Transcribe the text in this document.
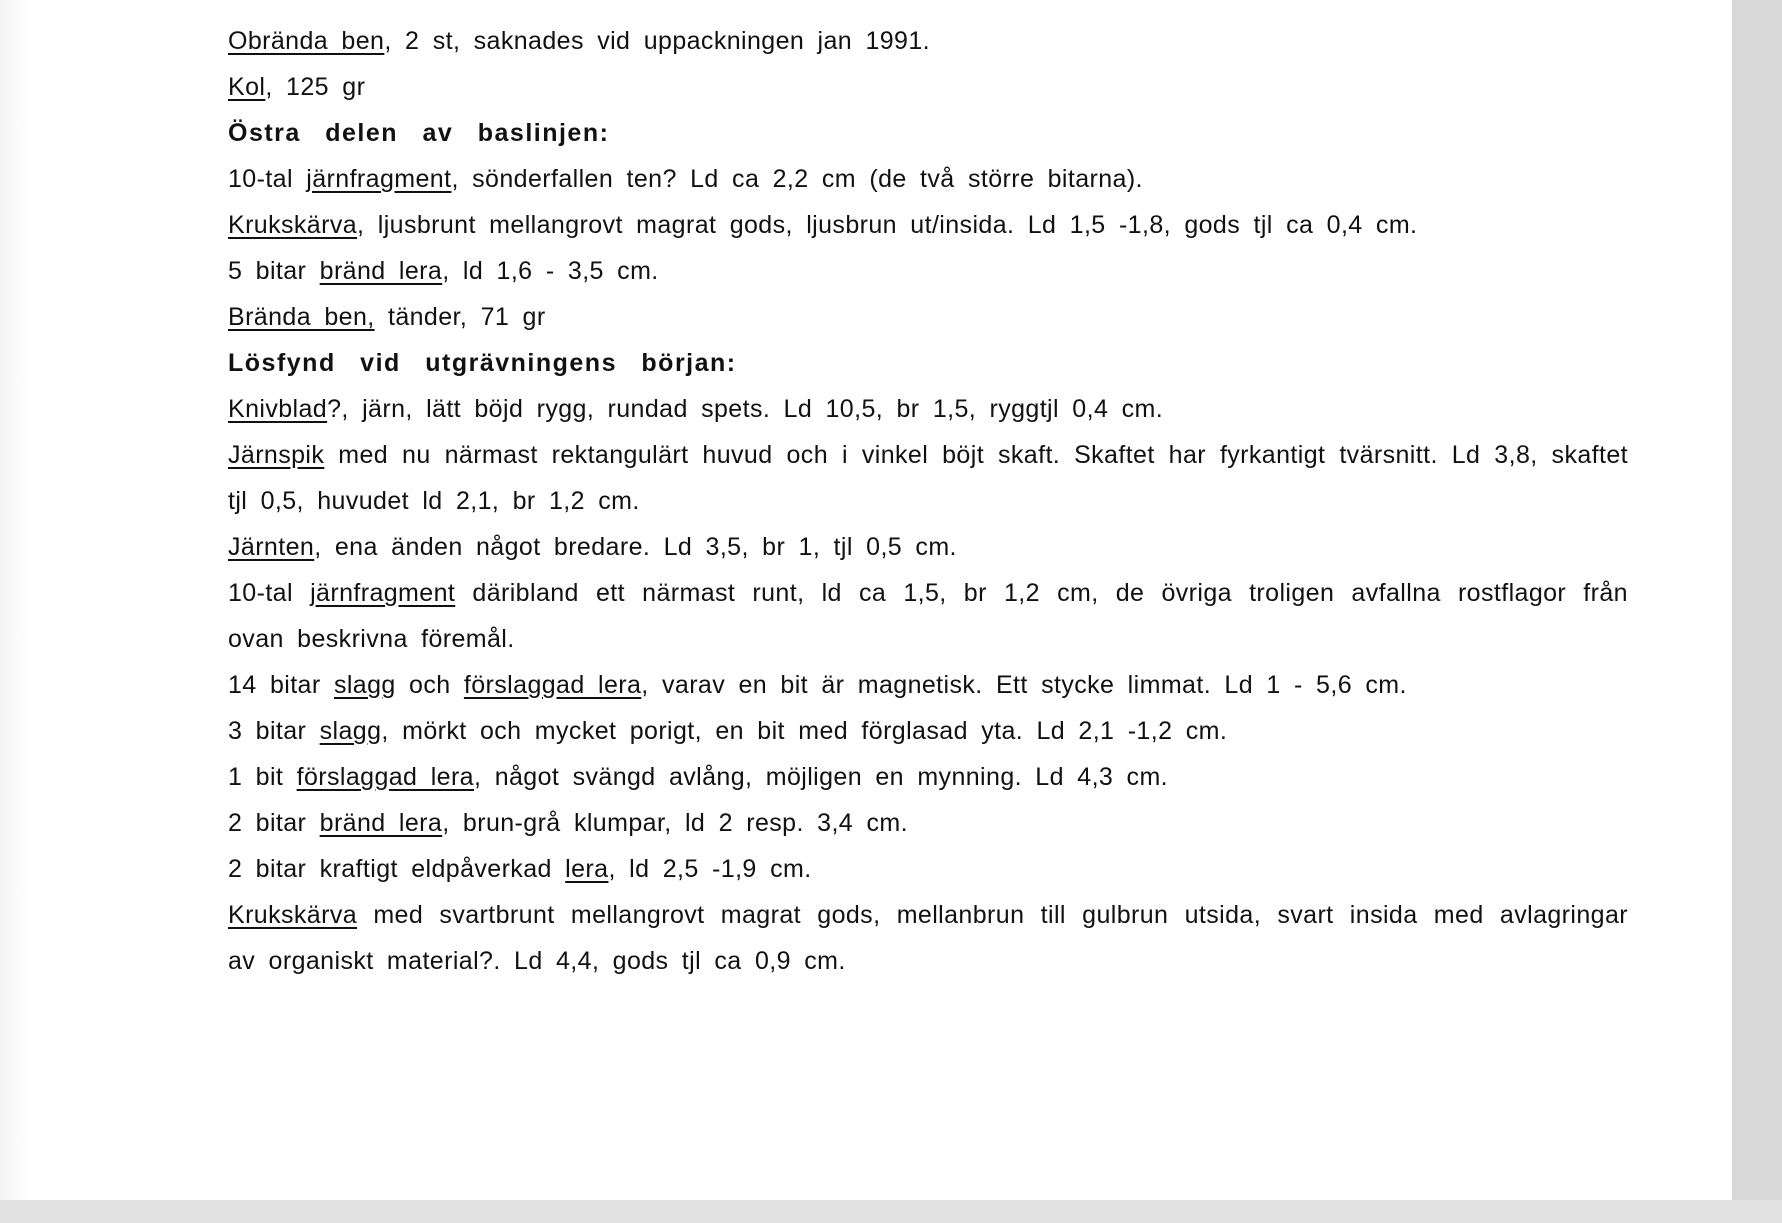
Obrända ben, 2 st, saknades vid uppackningen jan 1991.

Kol, 125 gr

Östra delen av baslinjen:

10-tal järnfragment, sönderfallen ten? Ld ca 2,2 cm (de två större bitarna).

Krukskärva, ljusbrunt mellangrovt magrat gods, ljusbrun ut/insida. Ld 1,5 -1,8, gods tjl ca 0,4 cm.

5 bitar bränd lera, ld 1,6 - 3,5 cm.

Brända ben, tänder, 71 gr

Lösfynd vid utgrävningens början:

Knivblad?, järn, lätt böjd rygg, rundad spets. Ld 10,5, br 1,5, ryggtjl 0,4 cm.

Järnspik med nu närmast rektangulärt huvud och i vinkel böjt skaft. Skaftet har fyrkantigt tvärsnitt. Ld 3,8, skaftet tjl 0,5, huvudet ld 2,1, br 1,2 cm.

Järnten, ena änden något bredare. Ld 3,5, br 1, tjl 0,5 cm.

10-tal järnfragment däribland ett närmast runt, ld ca 1,5, br 1,2 cm, de övriga troligen avfallna rostflagor från ovan beskrivna föremål.

14 bitar slagg och förslaggad lera, varav en bit är magnetisk. Ett stycke limmat. Ld 1 - 5,6 cm.

3 bitar slagg, mörkt och mycket porigt, en bit med förglasad yta. Ld 2,1 -1,2 cm.

1 bit förslaggad lera, något svängd avlång, möjligen en mynning. Ld 4,3 cm.

2 bitar bränd lera, brun-grå klumpar, ld 2 resp. 3,4 cm.

2 bitar kraftigt eldpåverkad lera, ld 2,5 -1,9 cm.

Krukskärva med svartbrunt mellangrovt magrat gods, mellanbrun till gulbrun utsida, svart insida med avlagringar av organiskt material?. Ld 4,4, gods tjl ca 0,9 cm.
